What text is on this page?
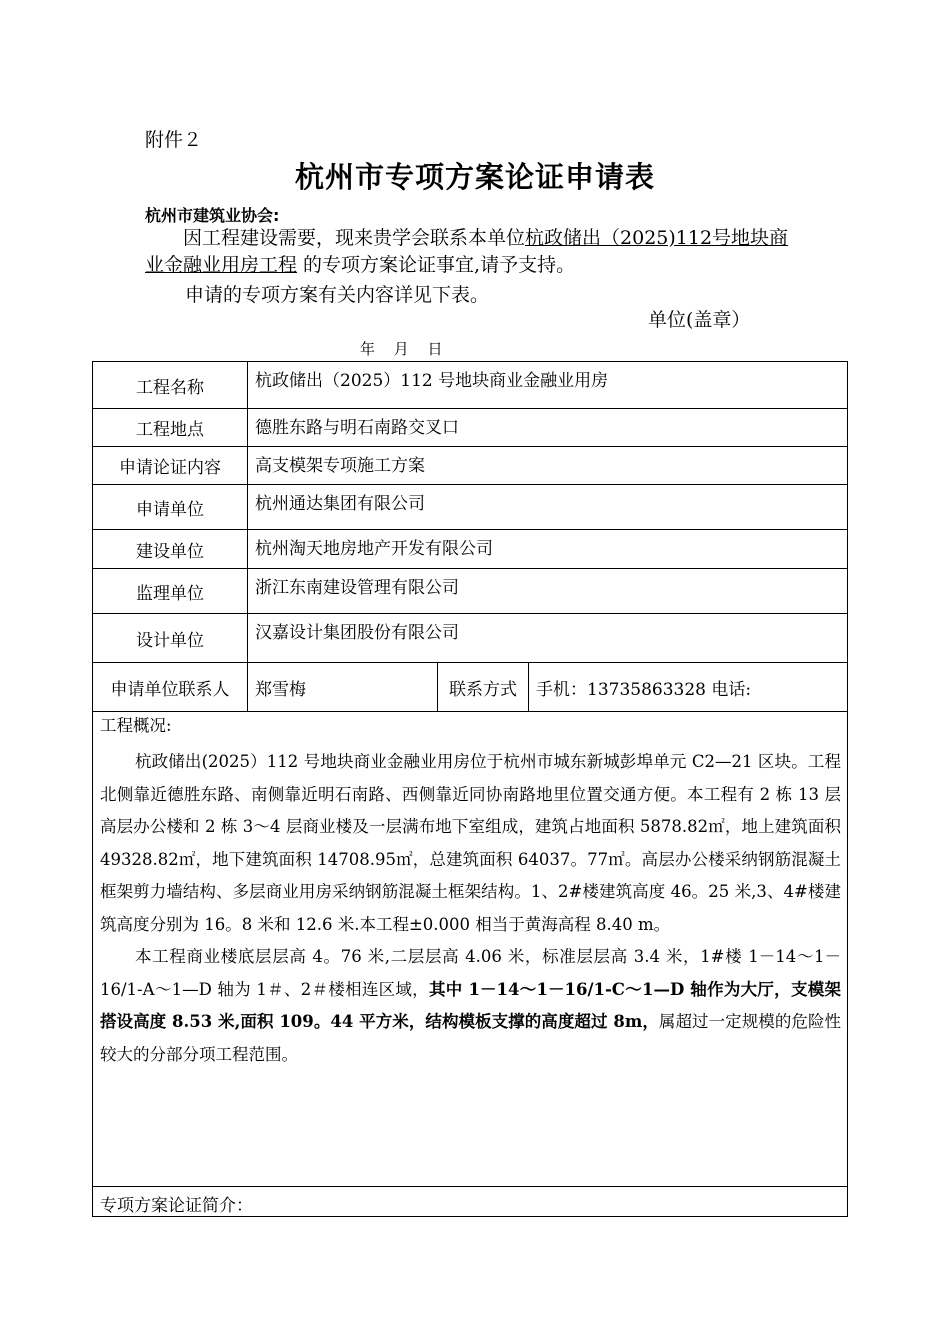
附件２
杭州市专项方案论证申请表
杭州市建筑业协会:

因工程建设需要，现来贵学会联系本单位杭政储出（2025)112号地块商业金融业用房工程 的专项方案论证事宜,请予支持。

申请的专项方案有关内容详见下表。
单位(盖章）
年 月 日
工程名称	杭政储出（2025）112 号地块商业金融业用房		
工程地点	德胜东路与明石南路交叉口		
申请论证内容	高支模架专项施工方案		
申请单位	杭州通达集团有限公司		
建设单位	杭州淘天地房地产开发有限公司		
监理单位	浙江东南建设管理有限公司		
设计单位	汉嘉设计集团股份有限公司		
申请单位联系人	郑雪梅	联系方式	手机：13735863328 电话:

工程概况:

杭政储出(2025）112 号地块商业金融业用房位于杭州市城东新城彭埠单元 C2—21 区块。工程北侧靠近德胜东路、南侧靠近明石南路、西侧靠近同协南路地里位置交通方便。本工程有 2 栋 13 层高层办公楼和 2 栋 3～4 层商业楼及一层满布地下室组成，建筑占地面积 5878.82㎡，地上建筑面积 49328.82㎡，地下建筑面积 14708.95㎡，总建筑面积 64037。77㎡。高层办公楼采纳钢筋混凝土框架剪力墙结构、多层商业用房采纳钢筋混凝土框架结构。1、2#楼建筑高度 46。25 米,3、4#楼建筑高度分别为 16。8 米和 12.6 米.本工程±0.000 相当于黄海高程 8.40 m。

本工程商业楼底层层高 4。76 米,二层层高 4.06 米，标准层层高 3.4 米，1#楼 1－14～1－16/1-A～1—D 轴为 1＃、2＃楼相连区域，其中 1－14～1－16/1-C～1—D 轴作为大厅，支模架搭设高度 8.53 米,面积 109。44 平方米，结构模板支撑的高度超过 8m，属超过一定规模的危险性较大的分部分项工程范围。			

专项方案论证简介：			
